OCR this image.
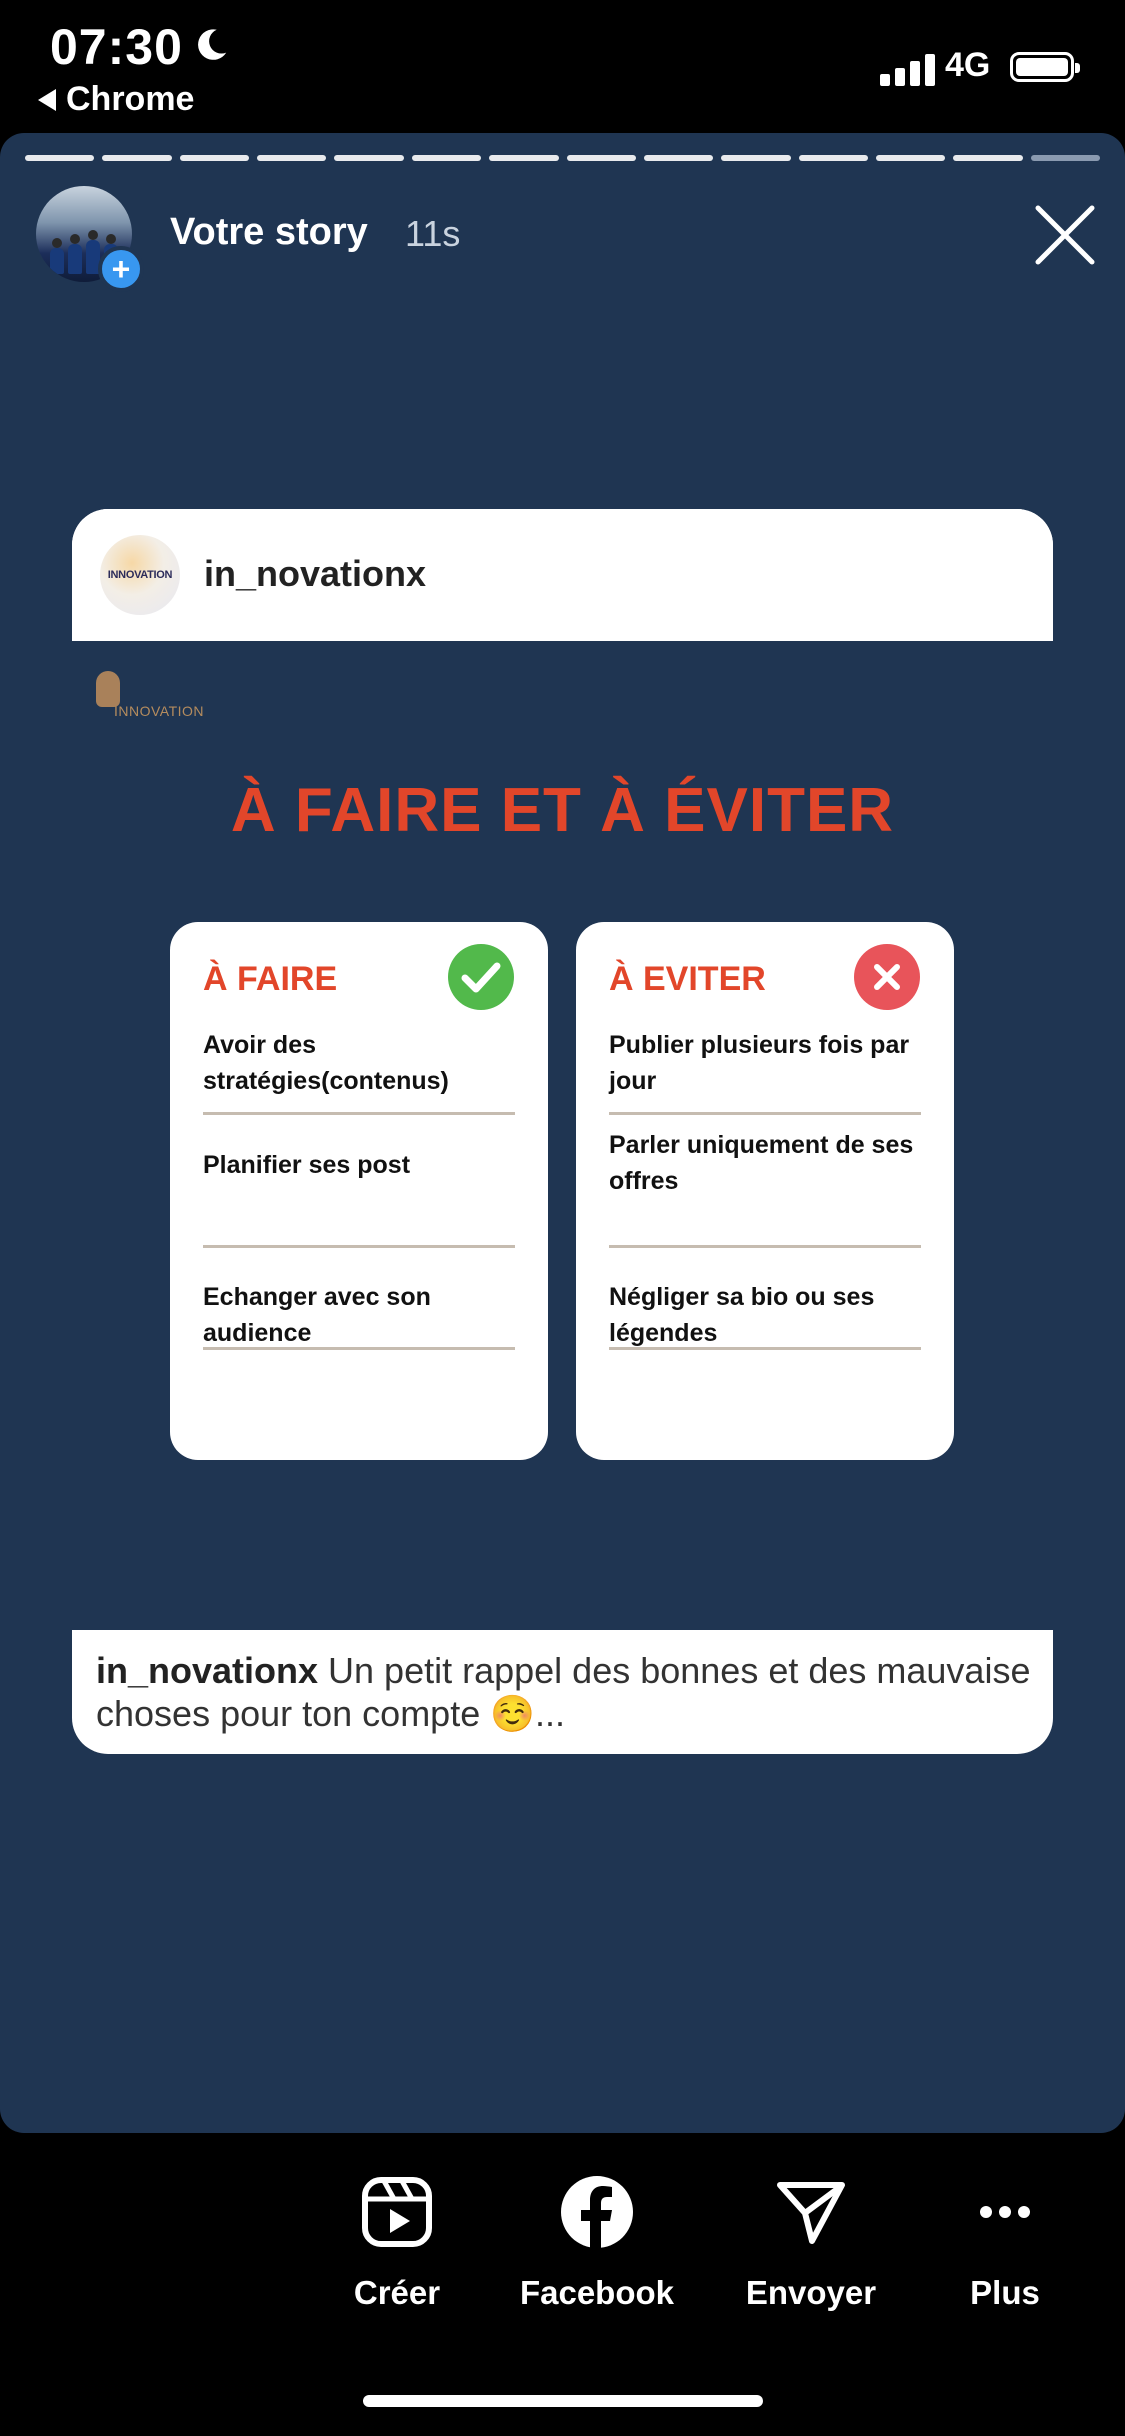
07:30
Chrome
4G
+
Votre story 11s
INNOVATION in_novationx
INNOVATION
À FAIRE ET À ÉVITER
À FAIRE
Avoir des stratégies(contenus)
Planifier ses post
Echanger avec son audience
À EVITER
Publier plusieurs fois par jour
Parler uniquement de ses offres
Négliger sa bio ou ses légendes
in_novationx Un petit rappel des bonnes et des mauvaise choses pour ton compte ☺️...
Créer	Facebook	Envoyer	Plus
